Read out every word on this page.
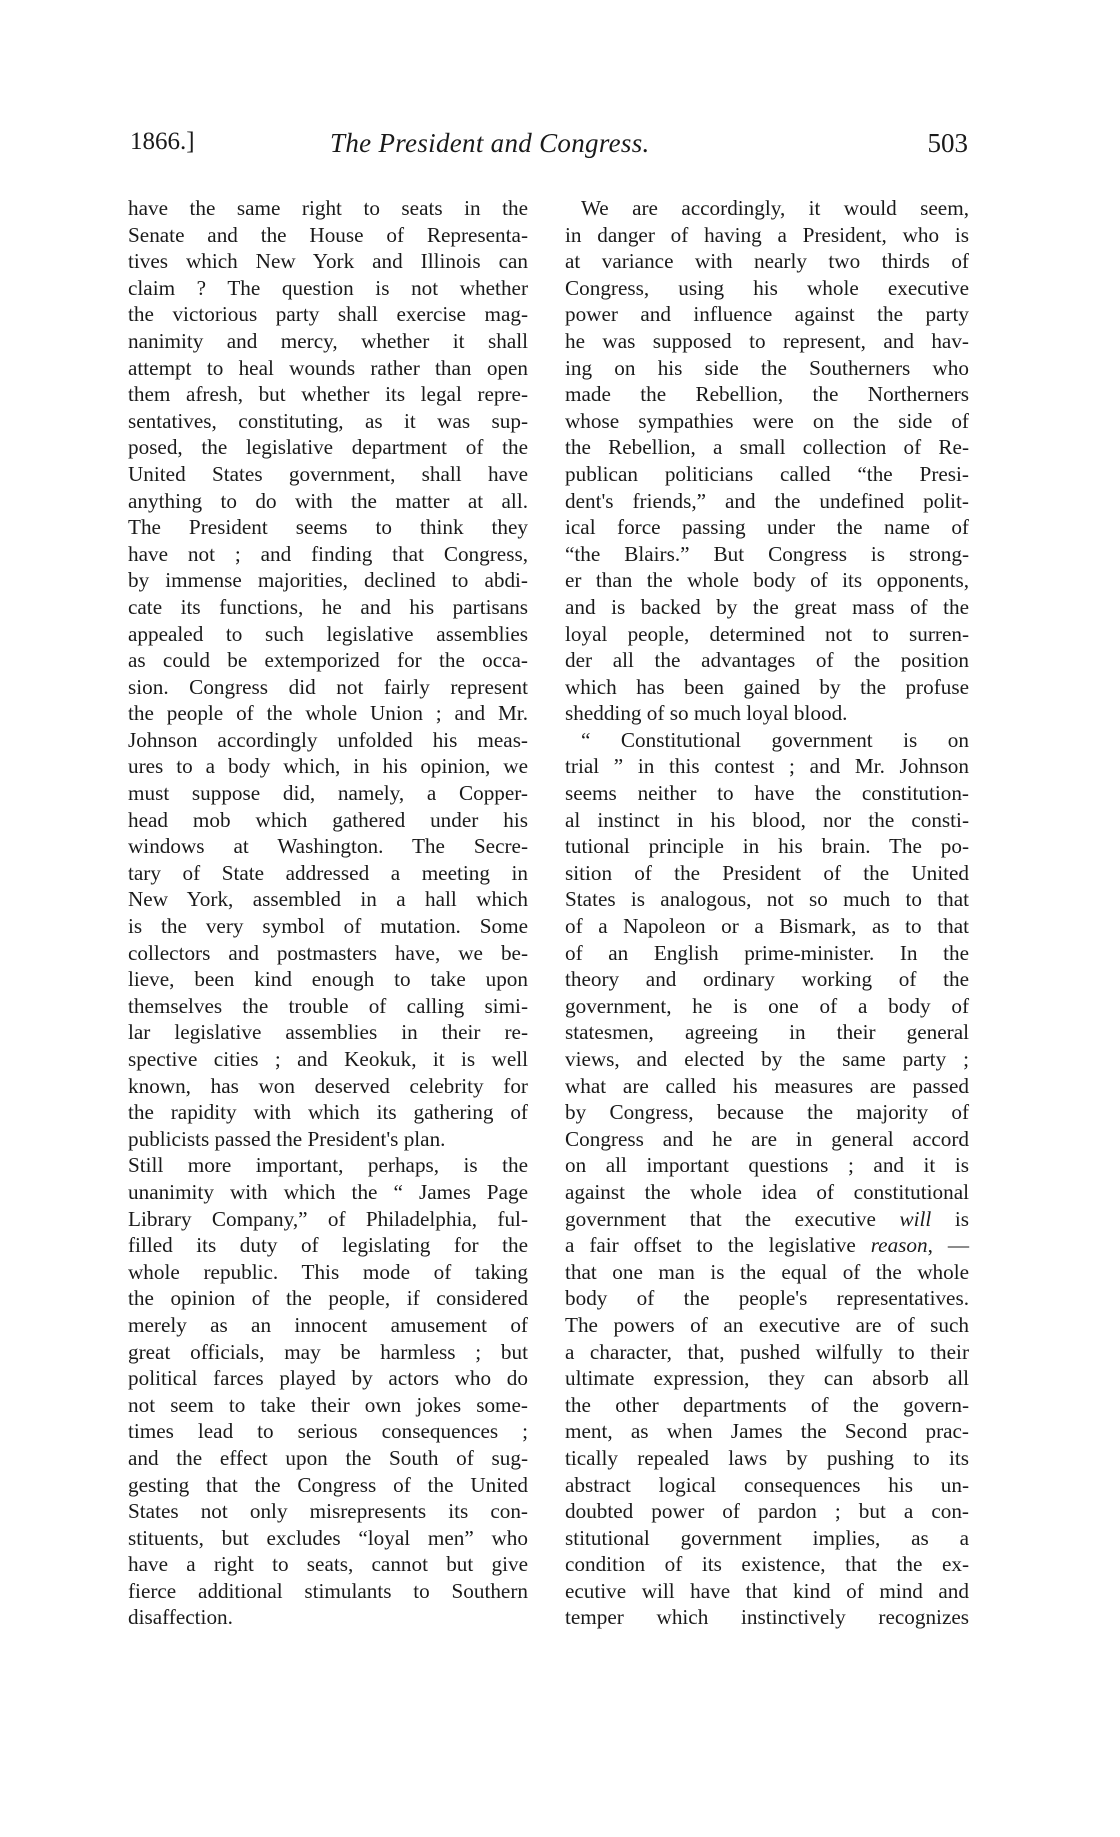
1866.]	The President and Congress.	503
have the same right to seats in the
Senate and the House of Representa-
tives which New York and Illinois can
claim ? The question is not whether
the victorious party shall exercise mag-
nanimity and mercy, whether it shall
attempt to heal wounds rather than open
them afresh, but whether its legal repre-
sentatives, constituting, as it was sup-
posed, the legislative department of the
United States government, shall have
anything to do with the matter at all.
The President seems to think they
have not ; and finding that Congress,
by immense majorities, declined to abdi-
cate its functions, he and his partisans
appealed to such legislative assemblies
as could be extemporized for the occa-
sion. Congress did not fairly represent
the people of the whole Union ; and Mr.
Johnson accordingly unfolded his meas-
ures to a body which, in his opinion, we
must suppose did, namely, a Copper-
head mob which gathered under his
windows at Washington. The Secre-
tary of State addressed a meeting in
New York, assembled in a hall which
is the very symbol of mutation. Some
collectors and postmasters have, we be-
lieve, been kind enough to take upon
themselves the trouble of calling simi-
lar legislative assemblies in their re-
spective cities ; and Keokuk, it is well
known, has won deserved celebrity for
the rapidity with which its gathering of
publicists passed the President's plan.
Still more important, perhaps, is the
unanimity with which the “ James Page
Library Company,” of Philadelphia, ful-
filled its duty of legislating for the
whole republic. This mode of taking
the opinion of the people, if considered
merely as an innocent amusement of
great officials, may be harmless ; but
political farces played by actors who do
not seem to take their own jokes some-
times lead to serious consequences ;
and the effect upon the South of sug-
gesting that the Congress of the United
States not only misrepresents its con-
stituents, but excludes “loyal men” who
have a right to seats, cannot but give
fierce additional stimulants to Southern
disaffection.
We are accordingly, it would seem,
in danger of having a President, who is
at variance with nearly two thirds of
Congress, using his whole executive
power and influence against the party
he was supposed to represent, and hav-
ing on his side the Southerners who
made the Rebellion, the Northerners
whose sympathies were on the side of
the Rebellion, a small collection of Re-
publican politicians called “the Presi-
dent's friends,” and the undefined polit-
ical force passing under the name of
“the Blairs.” But Congress is strong-
er than the whole body of its opponents,
and is backed by the great mass of the
loyal people, determined not to surren-
der all the advantages of the position
which has been gained by the profuse
shedding of so much loyal blood.
“ Constitutional government is on
trial ” in this contest ; and Mr. Johnson
seems neither to have the constitution-
al instinct in his blood, nor the consti-
tutional principle in his brain. The po-
sition of the President of the United
States is analogous, not so much to that
of a Napoleon or a Bismark, as to that
of an English prime-minister. In the
theory and ordinary working of the
government, he is one of a body of
statesmen, agreeing in their general
views, and elected by the same party ;
what are called his measures are passed
by Congress, because the majority of
Congress and he are in general accord
on all important questions ; and it is
against the whole idea of constitutional
government that the executive will is
a fair offset to the legislative reason, —
that one man is the equal of the whole
body of the people's representatives.
The powers of an executive are of such
a character, that, pushed wilfully to their
ultimate expression, they can absorb all
the other departments of the govern-
ment, as when James the Second prac-
tically repealed laws by pushing to its
abstract logical consequences his un-
doubted power of pardon ; but a con-
stitutional government implies, as a
condition of its existence, that the ex-
ecutive will have that kind of mind and
temper which instinctively recognizes
